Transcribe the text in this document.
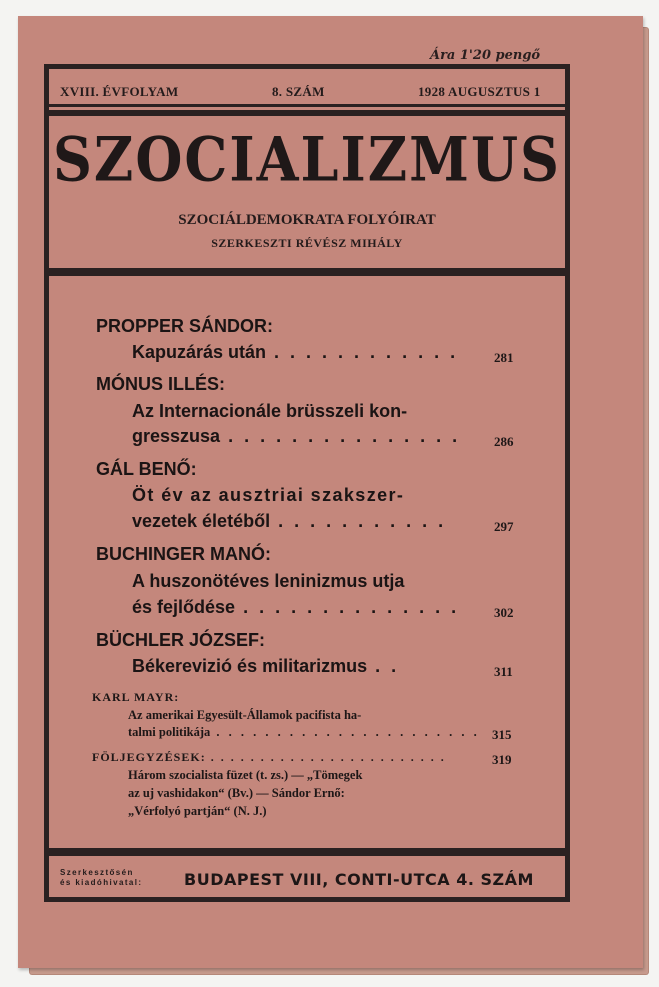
Ára 1'20 pengő
XVIII. ÉVFOLYAM	8. SZÁM	1928 AUGUSZTUS 1
SZOCIALIZMUS
SZOCIÁLDEMOKRATA FOLYÓIRAT
SZERKESZTI RÉVÉSZ MIHÁLY
PROPPER SÁNDOR:
Kapuzárás után . . . . . . . . . . . .	281
MÓNUS ILLÉS:
Az Internacionále brüsszeli kon-
gresszusa . . . . . . . . . . . . . . .	286
GÁL BENŐ:
Öt év az ausztriai szakszer-
vezetek életéből . . . . . . . . . . .	297
BUCHINGER MANÓ:
A huszonötéves leninizmus utja
és fejlődése . . . . . . . . . . . . . .	302
BÜCHLER JÓZSEF:
Békerevizió és militarizmus . .	311
KARL MAYR:
Az amerikai Egyesült-Államok pacifista ha-
talmi politikája . . . . . . . . . . . . . . . . . . . . . . 315
FÖLJEGYZÉSEK: . . . . . . . . . . . . . . . . . . . . . . . .	319
Három szocialista füzet (t. zs.) — „Tömegek
az uj vashidakon“ (Bv.) — Sándor Ernő:
„Vérfolyó partján“ (N. J.)
Szerkesztősén
és kiadóhivatal:	BUDAPEST VIII, CONTI-UTCA 4. SZÁM
